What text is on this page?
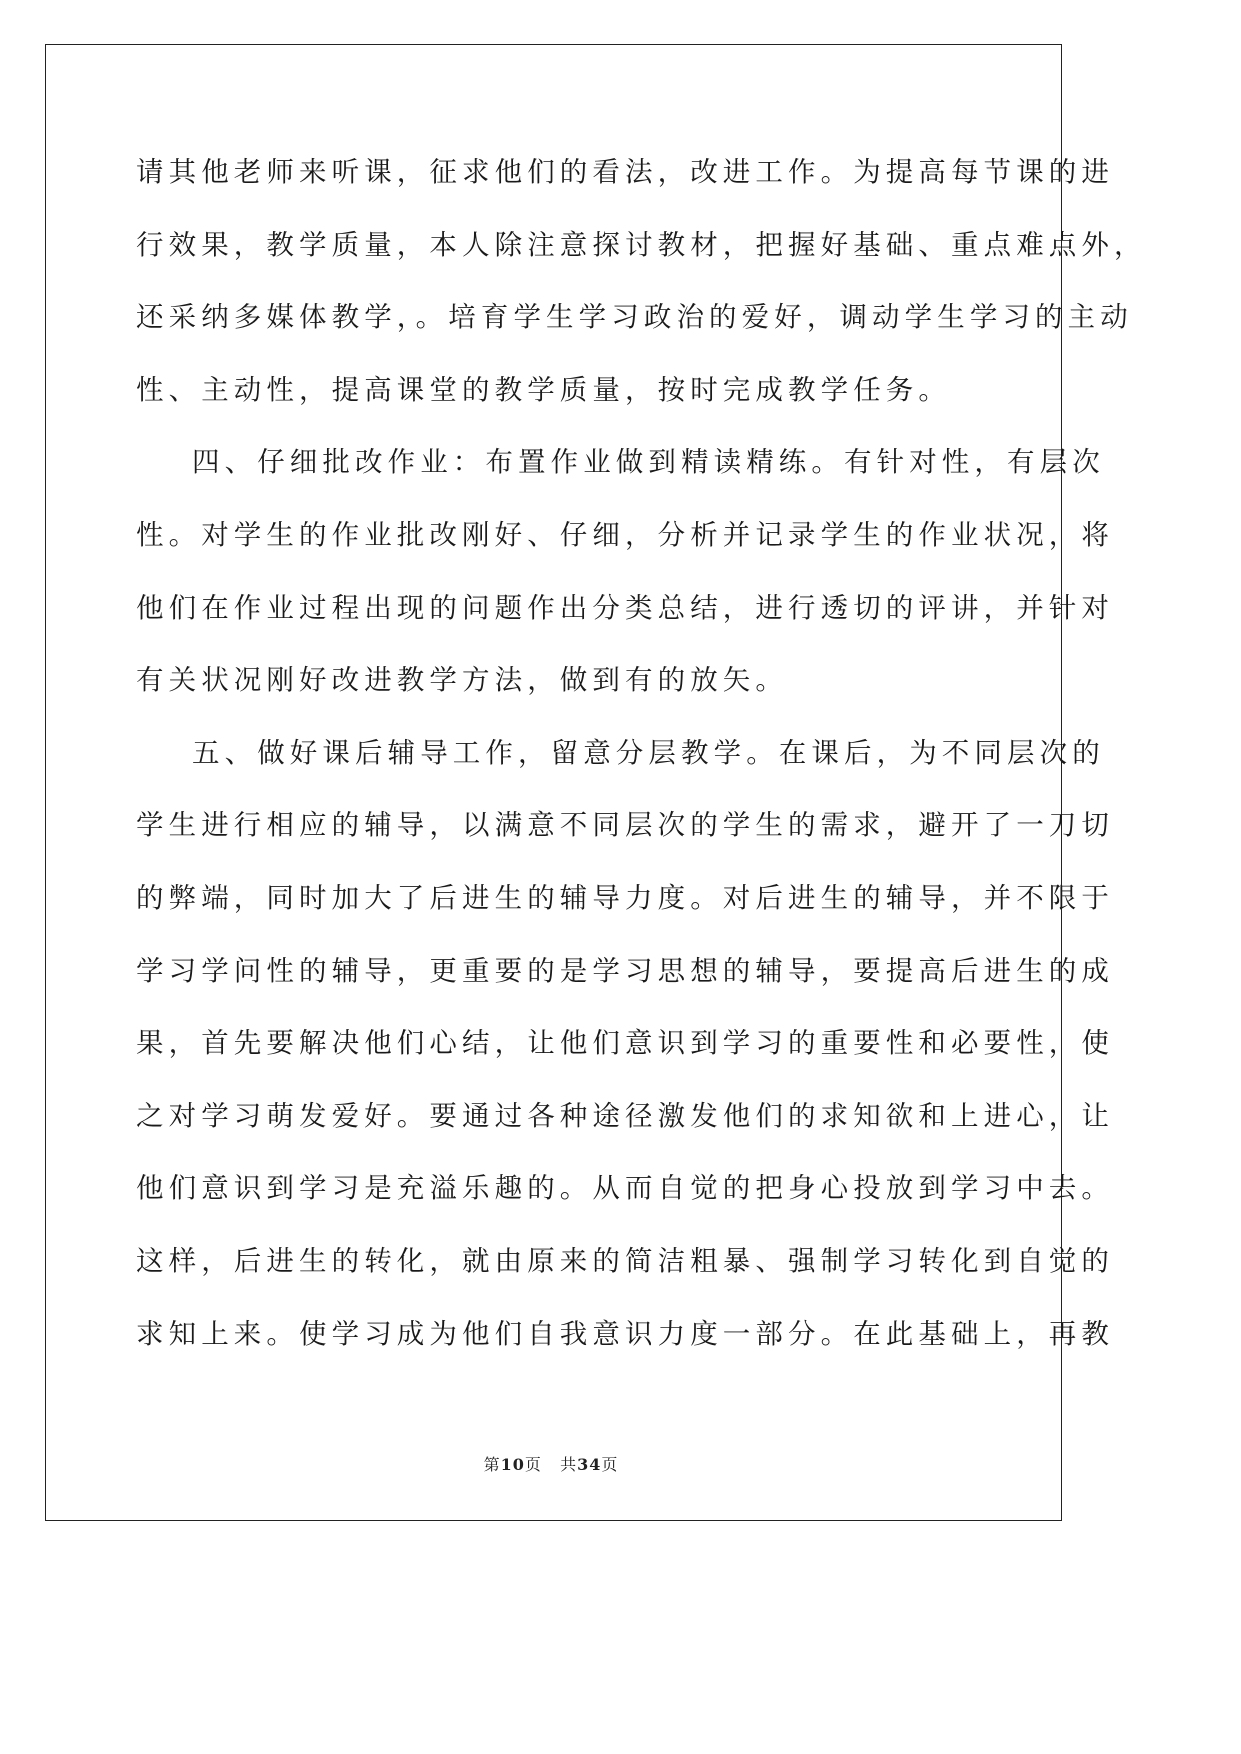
请其他老师来听课，征求他们的看法，改进工作。为提高每节课的进
行效果，教学质量，本人除注意探讨教材，把握好基础、重点难点外，
还采纳多媒体教学，。培育学生学习政治的爱好，调动学生学习的主动
性、主动性，提高课堂的教学质量，按时完成教学任务。
四、仔细批改作业：布置作业做到精读精练。有针对性，有层次
性。对学生的作业批改刚好、仔细，分析并记录学生的作业状况，将
他们在作业过程出现的问题作出分类总结，进行透切的评讲，并针对
有关状况刚好改进教学方法，做到有的放矢。
五、做好课后辅导工作，留意分层教学。在课后，为不同层次的
学生进行相应的辅导，以满意不同层次的学生的需求，避开了一刀切
的弊端，同时加大了后进生的辅导力度。对后进生的辅导，并不限于
学习学问性的辅导，更重要的是学习思想的辅导，要提高后进生的成
果，首先要解决他们心结，让他们意识到学习的重要性和必要性，使
之对学习萌发爱好。要通过各种途径激发他们的求知欲和上进心，让
他们意识到学习是充溢乐趣的。从而自觉的把身心投放到学习中去。
这样，后进生的转化，就由原来的简洁粗暴、强制学习转化到自觉的
求知上来。使学习成为他们自我意识力度一部分。在此基础上，再教
第10页 共34页
